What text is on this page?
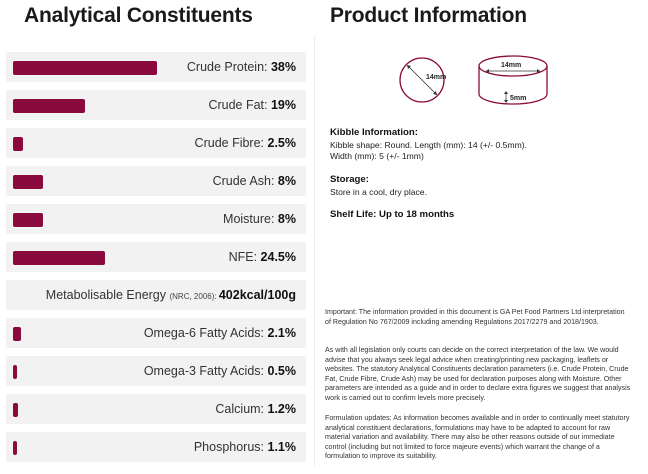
Analytical Constituents	Product Information
Crude Protein: 38%
Crude Fat: 19%
Crude Fibre: 2.5%
Crude Ash: 8%
Moisture: 8%
NFE: 24.5%
Metabolisable Energy (NRC, 2006): 402kcal/100g
Omega-6 Fatty Acids: 2.1%
Omega-3 Fatty Acids: 0.5%
Calcium: 1.2%
Phosphorus: 1.1%
14mm
14mm
5mm
Kibble Information:
Kibble shape: Round. Length (mm): 14 (+/- 0.5mm).
Width (mm): 5 (+/- 1mm)
Storage:
Store in a cool, dry place.
Shelf Life: Up to 18 months
Important: The information provided in this document is GA Pet Food Partners Ltd interpretation of Regulation No 767/2009 including amending Regulations 2017/2279 and 2018/1903.
As with all legislation only courts can decide on the correct interpretation of the law. We would advise that you always seek legal advice when creating/printing new packaging, leaflets or websites. The statutory Analytical Constituents declaration parameters (i.e. Crude Protein, Crude Fat, Crude Fibre, Crude Ash) may be used for declaration purposes along with Moisture. Other parameters are intended as a guide and in order to declare extra figures we suggest that analysis work is carried out to confirm levels more precisely.
Formulation updates: As information becomes available and in order to continually meet statutory analytical constituent declarations, formulations may have to be adapted to account for raw material variation and availability. There may also be other reasons outside of our immediate control (including but not limited to force majeure events) which warrant the change of a formulation to improve its suitability.
